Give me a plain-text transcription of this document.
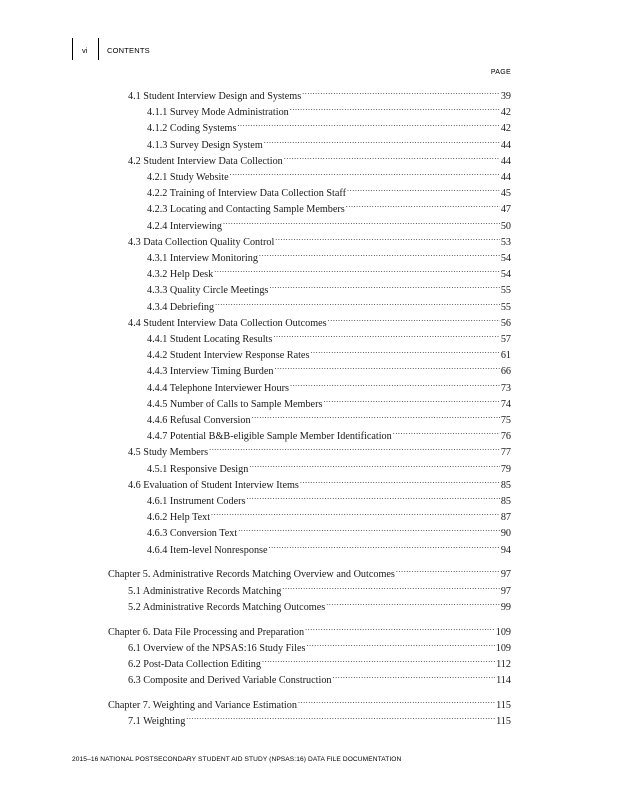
vi	CONTENTS
PAGE
4.1 Student Interview Design and Systems .....	39
4.1.1 Survey Mode Administration .....	42
4.1.2 Coding Systems .....	42
4.1.3 Survey Design System .....	44
4.2 Student Interview Data Collection .....	44
4.2.1 Study Website .....	44
4.2.2 Training of Interview Data Collection Staff .....	45
4.2.3 Locating and Contacting Sample Members .....	47
4.2.4 Interviewing .....	50
4.3 Data Collection Quality Control .....	53
4.3.1 Interview Monitoring .....	54
4.3.2 Help Desk .....	54
4.3.3 Quality Circle Meetings .....	55
4.3.4 Debriefing .....	55
4.4 Student Interview Data Collection Outcomes .....	56
4.4.1 Student Locating Results .....	57
4.4.2 Student Interview Response Rates .....	61
4.4.3 Interview Timing Burden .....	66
4.4.4 Telephone Interviewer Hours .....	73
4.4.5 Number of Calls to Sample Members .....	74
4.4.6 Refusal Conversion .....	75
4.4.7 Potential B&B-eligible Sample Member Identification .....	76
4.5 Study Members .....	77
4.5.1 Responsive Design .....	79
4.6 Evaluation of Student Interview Items .....	85
4.6.1 Instrument Coders .....	85
4.6.2 Help Text .....	87
4.6.3 Conversion Text .....	90
4.6.4 Item-level Nonresponse .....	94
Chapter 5. Administrative Records Matching Overview and Outcomes .....	97
5.1 Administrative Records Matching .....	97
5.2 Administrative Records Matching Outcomes .....	99
Chapter 6. Data File Processing and Preparation .....	109
6.1 Overview of the NPSAS:16 Study Files .....	109
6.2 Post-Data Collection Editing .....	112
6.3 Composite and Derived Variable Construction .....	114
Chapter 7. Weighting and Variance Estimation .....	115
7.1 Weighting .....	115
2015–16 NATIONAL POSTSECONDARY STUDENT AID STUDY (NPSAS:16) DATA FILE DOCUMENTATION
